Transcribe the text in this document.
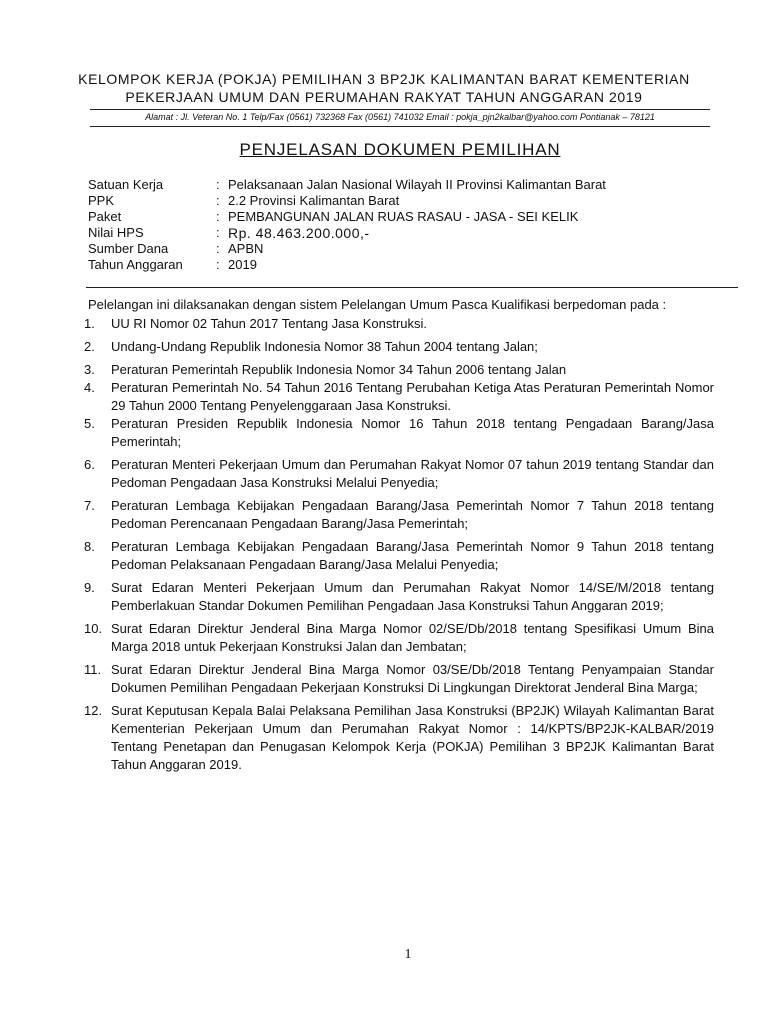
KELOMPOK KERJA (POKJA) PEMILIHAN 3 BP2JK KALIMANTAN BARAT KEMENTERIAN
PEKERJAAN UMUM DAN PERUMAHAN RAKYAT TAHUN ANGGARAN 2019
Alamat : Jl. Veteran No. 1 Telp/Fax (0561) 732368 Fax (0561) 741032 Email : pokja_pjn2kalbar@yahoo.com Pontianak – 78121
PENJELASAN DOKUMEN PEMILIHAN
Satuan Kerja	: Pelaksanaan Jalan Nasional Wilayah II Provinsi Kalimantan Barat
PPK	: 2.2 Provinsi Kalimantan Barat
Paket	: PEMBANGUNAN JALAN RUAS RASAU - JASA - SEI KELIK
Nilai HPS	: Rp. 48.463.200.000,-
Sumber Dana	: APBN
Tahun Anggaran	: 2019
Pelelangan ini dilaksanakan dengan sistem Pelelangan Umum Pasca Kualifikasi berpedoman pada :
1.	UU RI Nomor 02 Tahun 2017 Tentang Jasa Konstruksi.
2.	Undang-Undang Republik Indonesia Nomor 38 Tahun 2004 tentang Jalan;
3.	Peraturan Pemerintah Republik Indonesia Nomor 34 Tahun 2006 tentang Jalan
4.	Peraturan Pemerintah No. 54 Tahun 2016 Tentang Perubahan Ketiga Atas Peraturan Pemerintah Nomor 29 Tahun 2000 Tentang Penyelenggaraan Jasa Konstruksi.
5.	Peraturan Presiden Republik Indonesia Nomor 16 Tahun 2018 tentang Pengadaan Barang/Jasa Pemerintah;
6.	Peraturan Menteri Pekerjaan Umum dan Perumahan Rakyat Nomor 07 tahun 2019 tentang Standar dan Pedoman Pengadaan Jasa Konstruksi Melalui Penyedia;
7.	Peraturan Lembaga Kebijakan Pengadaan Barang/Jasa Pemerintah Nomor 7 Tahun 2018 tentang Pedoman Perencanaan Pengadaan Barang/Jasa Pemerintah;
8.	Peraturan Lembaga Kebijakan Pengadaan Barang/Jasa Pemerintah Nomor 9 Tahun 2018 tentang Pedoman Pelaksanaan Pengadaan Barang/Jasa Melalui Penyedia;
9.	Surat Edaran Menteri Pekerjaan Umum dan Perumahan Rakyat Nomor 14/SE/M/2018 tentang Pemberlakuan Standar Dokumen Pemilihan Pengadaan Jasa Konstruksi Tahun Anggaran 2019;
10. Surat Edaran Direktur Jenderal Bina Marga Nomor 02/SE/Db/2018 tentang Spesifikasi Umum Bina Marga 2018 untuk Pekerjaan Konstruksi Jalan dan Jembatan;
11. Surat Edaran Direktur Jenderal Bina Marga Nomor 03/SE/Db/2018 Tentang Penyampaian Standar Dokumen Pemilihan Pengadaan Pekerjaan Konstruksi Di Lingkungan Direktorat Jenderal Bina Marga;
12. Surat Keputusan Kepala Balai Pelaksana Pemilihan Jasa Konstruksi (BP2JK) Wilayah Kalimantan Barat Kementerian Pekerjaan Umum dan Perumahan Rakyat Nomor : 14/KPTS/BP2JK-KALBAR/2019 Tentang Penetapan dan Penugasan Kelompok Kerja (POKJA) Pemilihan 3 BP2JK Kalimantan Barat Tahun Anggaran 2019.
1
